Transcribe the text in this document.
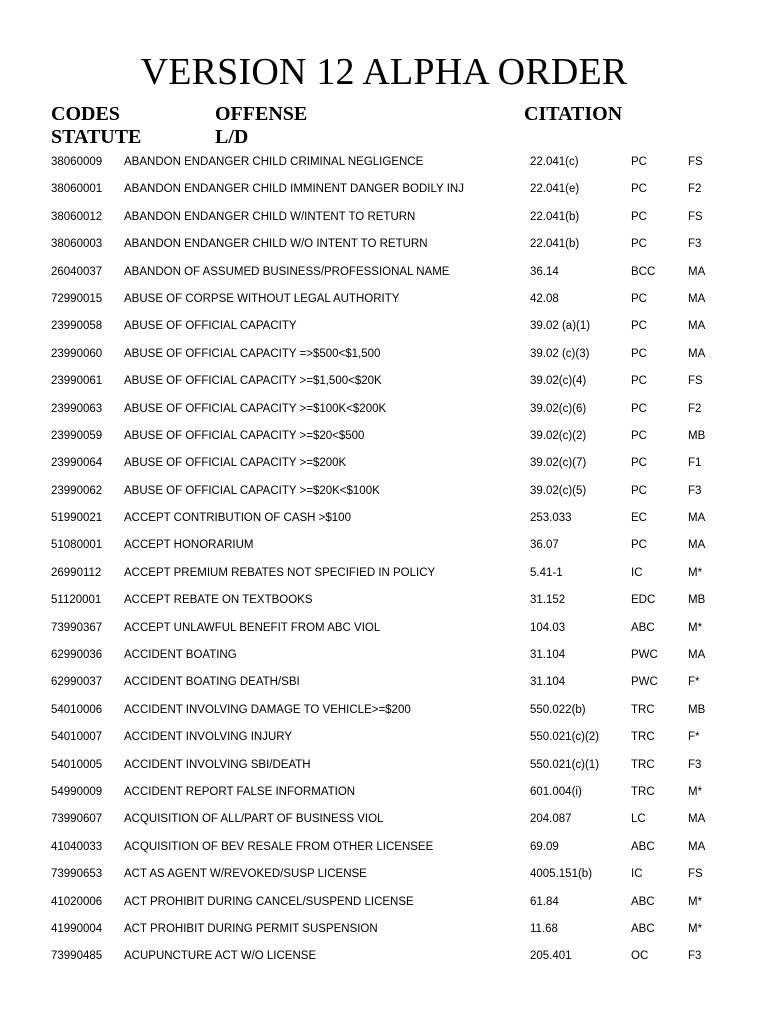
VERSION 12 ALPHA ORDER
CODES	OFFENSE	CITATION
STATUTE	L/D
38060009 ABANDON ENDANGER CHILD CRIMINAL NEGLIGENCE	22.041(c)	PC	FS
38060001 ABANDON ENDANGER CHILD IMMINENT DANGER BODILY INJ	22.041(e)	PC	F2
38060012 ABANDON ENDANGER CHILD W/INTENT TO RETURN	22.041(b)	PC	FS
38060003 ABANDON ENDANGER CHILD W/O INTENT TO RETURN	22.041(b)	PC	F3
26040037 ABANDON OF ASSUMED BUSINESS/PROFESSIONAL NAME	36.14	BCC	MA
72990015 ABUSE OF CORPSE WITHOUT LEGAL AUTHORITY	42.08	PC	MA
23990058 ABUSE OF OFFICIAL CAPACITY	39.02 (a)(1)	PC	MA
23990060 ABUSE OF OFFICIAL CAPACITY =>$500<$1,500	39.02 (c)(3)	PC	MA
23990061 ABUSE OF OFFICIAL CAPACITY >=$1,500<$20K	39.02(c)(4)	PC	FS
23990063 ABUSE OF OFFICIAL CAPACITY >=$100K<$200K	39.02(c)(6)	PC	F2
23990059 ABUSE OF OFFICIAL CAPACITY >=$20<$500	39.02(c)(2)	PC	MB
23990064 ABUSE OF OFFICIAL CAPACITY >=$200K	39.02(c)(7)	PC	F1
23990062 ABUSE OF OFFICIAL CAPACITY >=$20K<$100K	39.02(c)(5)	PC	F3
51990021 ACCEPT CONTRIBUTION OF CASH >$100	253.033	EC	MA
51080001 ACCEPT HONORARIUM	36.07	PC	MA
26990112 ACCEPT PREMIUM REBATES NOT SPECIFIED IN POLICY	5.41-1	IC	M*
51120001 ACCEPT REBATE ON TEXTBOOKS	31.152	EDC	MB
73990367 ACCEPT UNLAWFUL BENEFIT FROM ABC VIOL	104.03	ABC	M*
62990036 ACCIDENT BOATING	31.104	PWC	MA
62990037 ACCIDENT BOATING DEATH/SBI	31.104	PWC	F*
54010006 ACCIDENT INVOLVING DAMAGE TO VEHICLE>=$200	550.022(b)	TRC	MB
54010007 ACCIDENT INVOLVING INJURY	550.021(c)(2)	TRC	F*
54010005 ACCIDENT INVOLVING SBI/DEATH	550.021(c)(1)	TRC	F3
54990009 ACCIDENT REPORT FALSE INFORMATION	601.004(i)	TRC	M*
73990607 ACQUISITION OF ALL/PART OF BUSINESS VIOL	204.087	LC	MA
41040033 ACQUISITION OF BEV RESALE FROM OTHER LICENSEE	69.09	ABC	MA
73990653 ACT AS AGENT W/REVOKED/SUSP LICENSE	4005.151(b)	IC	FS
41020006 ACT PROHIBIT DURING CANCEL/SUSPEND LICENSE	61.84	ABC	M*
41990004 ACT PROHIBIT DURING PERMIT SUSPENSION	11.68	ABC	M*
73990485 ACUPUNCTURE ACT W/O LICENSE	205.401	OC	F3
